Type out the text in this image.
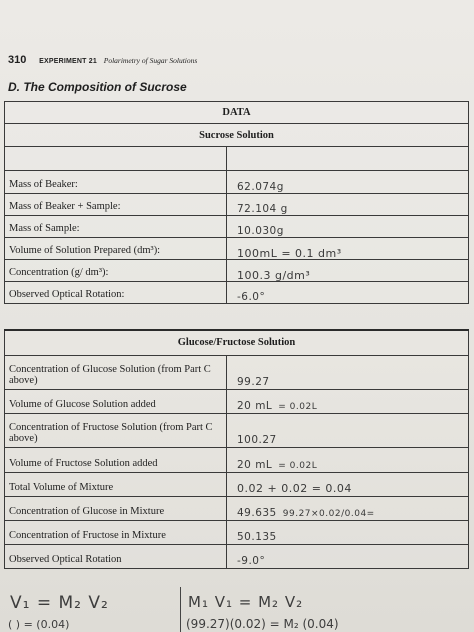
310 EXPERIMENT 21 Polarimetry of Sugar Solutions
D. The Composition of Sucrose
DATA	
Sucrose Solution	

Mass of Beaker:	62.074g
Mass of Beaker + Sample:	72.104 g
Mass of Sample:	10.030g
Volume of Solution Prepared (dm³):	100mL = 0.1 dm³
Concentration (g/ dm³):	100.3 g/dm³
Observed Optical Rotation:	-6.0°
Glucose/Fructose Solution	
Concentration of Glucose Solution (from Part C above)	99.27
Volume of Glucose Solution added	20 mL = 0.02L
Concentration of Fructose Solution (from Part C above)	100.27
Volume of Fructose Solution added	20 mL = 0.02L
Total Volume of Mixture	0.02 + 0.02 = 0.04
Concentration of Glucose in Mixture	49.635 99.27×0.02/0.04=
Concentration of Fructose in Mixture	50.135
Observed Optical Rotation	-9.0°
V₁ = M₂ V₂
( ) = (0.04)
M₁ V₁ = M₂ V₂
(99.27)(0.02) = M₂ (0.04)
